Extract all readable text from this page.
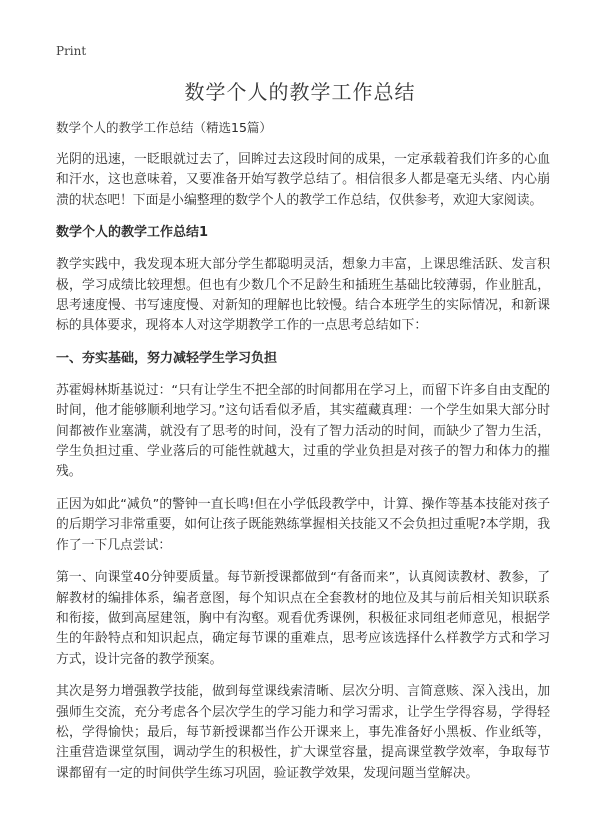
Print
数学个人的教学工作总结
数学个人的教学工作总结（精选15篇）

光阴的迅速，一眨眼就过去了，回眸过去这段时间的成果，一定承载着我们许多的心血和汗水，这也意味着，又要准备开始写教学总结了。相信很多人都是毫无头绪、内心崩溃的状态吧！下面是小编整理的数学个人的教学工作总结，仅供参考，欢迎大家阅读。

数学个人的教学工作总结1

教学实践中，我发现本班大部分学生都聪明灵活，想象力丰富，上课思维活跃、发言积极，学习成绩比较理想。但也有少数几个不足龄生和插班生基础比较薄弱，作业脏乱，思考速度慢、书写速度慢、对新知的理解也比较慢。结合本班学生的实际情况，和新课标的具体要求，现将本人对这学期教学工作的一点思考总结如下：

一、夯实基础，努力减轻学生学习负担

苏霍姆林斯基说过：“只有让学生不把全部的时间都用在学习上，而留下许多自由支配的时间，他才能够顺利地学习。”这句话看似矛盾，其实蕴藏真理：一个学生如果大部分时间都被作业塞满，就没有了思考的时间，没有了智力活动的时间，而缺少了智力生活，学生负担过重、学业落后的可能性就越大，过重的学业负担是对孩子的智力和体力的摧残。

正因为如此“减负”的警钟一直长鸣!但在小学低段教学中，计算、操作等基本技能对孩子的后期学习非常重要，如何让孩子既能熟练掌握相关技能又不会负担过重呢?本学期，我作了一下几点尝试：

第一、向课堂40分钟要质量。每节新授课都做到“有备而来”，认真阅读教材、教参，了解教材的编排体系，编者意图，每个知识点在全套教材的地位及其与前后相关知识联系和衔接，做到高屋建瓴，胸中有沟壑。观看优秀课例，积极征求同组老师意见，根据学生的年龄特点和知识起点，确定每节课的重难点，思考应该选择什么样教学方式和学习方式，设计完备的教学预案。

其次是努力增强教学技能，做到每堂课线索清晰、层次分明、言简意赅、深入浅出，加强师生交流，充分考虑各个层次学生的学习能力和学习需求，让学生学得容易，学得轻松，学得愉快；最后，每节新授课都当作公开课来上，事先准备好小黑板、作业纸等，注重营造课堂氛围，调动学生的积极性，扩大课堂容量，提高课堂教学效率，争取每节课都留有一定的时间供学生练习巩固，验证教学效果，发现问题当堂解决。
